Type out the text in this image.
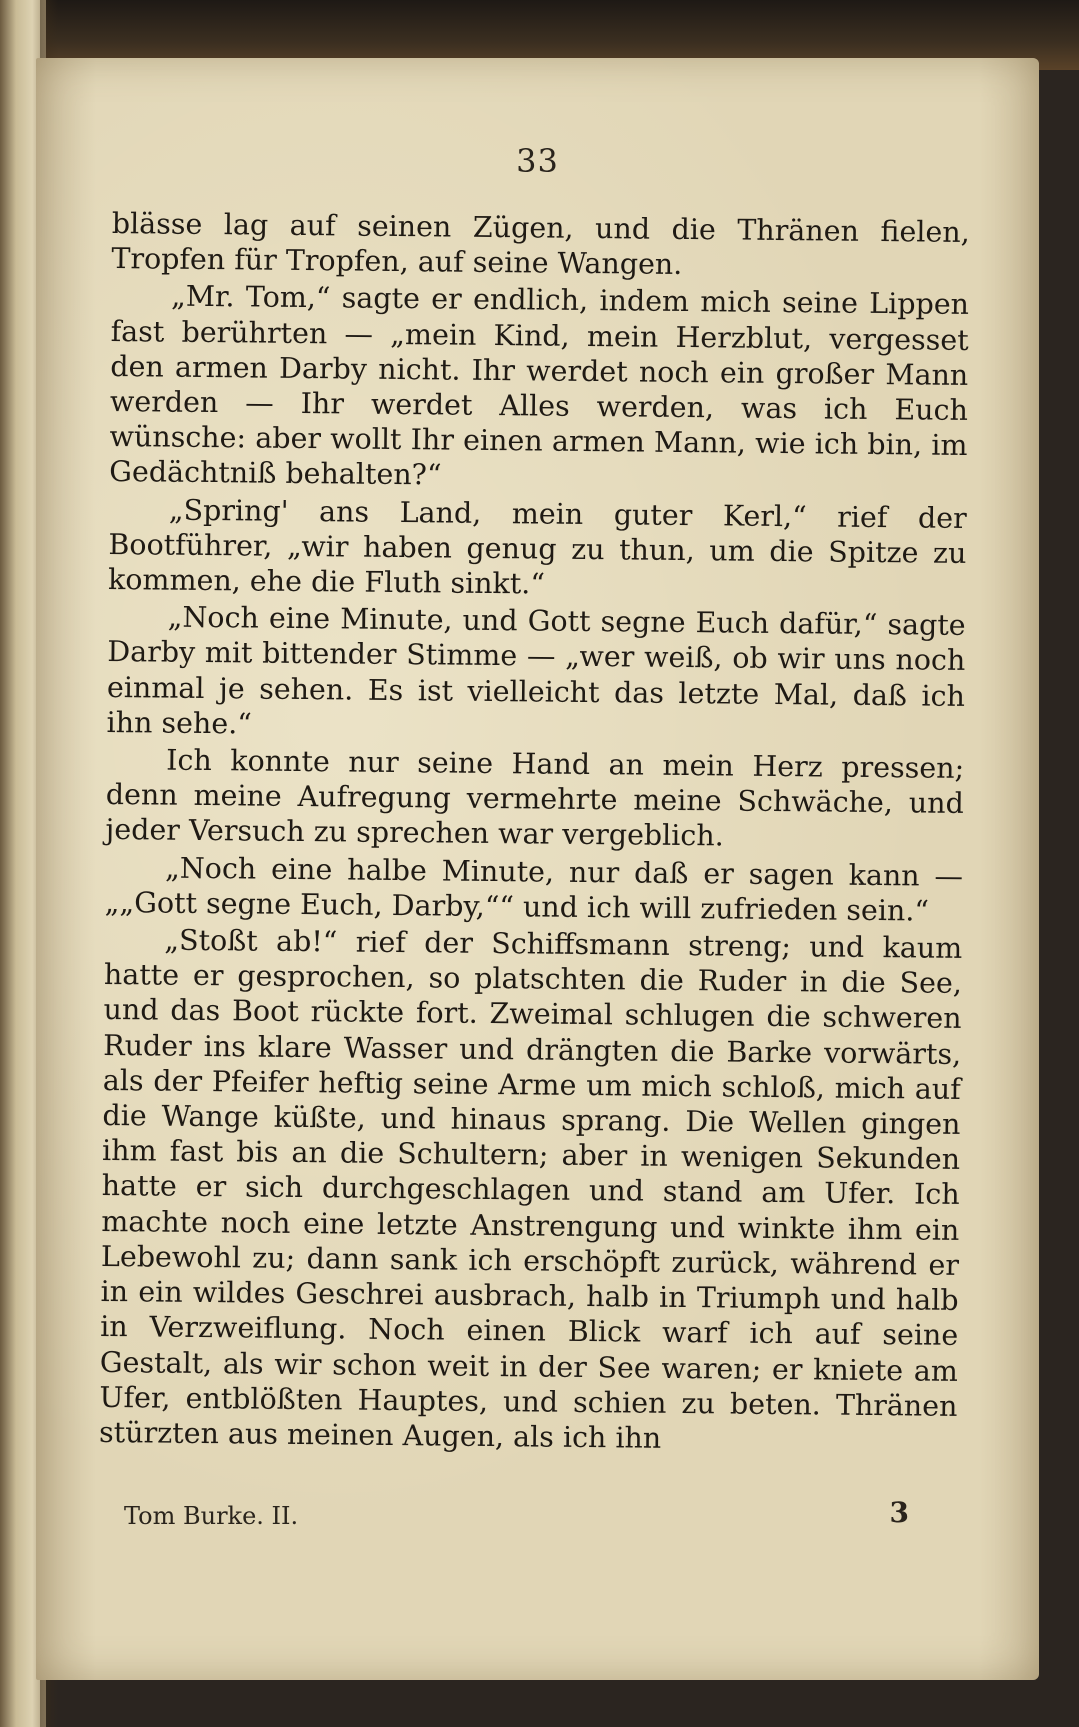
33

blässe lag auf seinen Zügen, und die Thränen fielen, Tropfen für Tropfen, auf seine Wangen.

„Mr. Tom,“ sagte er endlich, indem mich seine Lippen fast berührten — „mein Kind, mein Herzblut, vergesset den armen Darby nicht. Ihr werdet noch ein großer Mann werden — Ihr werdet Alles werden, was ich Euch wünsche: aber wollt Ihr einen armen Mann, wie ich bin, im Gedächtniß behalten?“

„Spring' ans Land, mein guter Kerl,“ rief der Bootführer, „wir haben genug zu thun, um die Spitze zu kommen, ehe die Fluth sinkt.“

„Noch eine Minute, und Gott segne Euch dafür,“ sagte Darby mit bittender Stimme — „wer weiß, ob wir uns noch einmal je sehen. Es ist vielleicht das letzte Mal, daß ich ihn sehe.“

Ich konnte nur seine Hand an mein Herz pressen; denn meine Aufregung vermehrte meine Schwäche, und jeder Versuch zu sprechen war vergeblich.

„Noch eine halbe Minute, nur daß er sagen kann — „„Gott segne Euch, Darby,““ und ich will zufrieden sein.“

„Stoßt ab!“ rief der Schiffsmann streng; und kaum hatte er gesprochen, so platschten die Ruder in die See, und das Boot rückte fort. Zweimal schlugen die schweren Ruder ins klare Wasser und drängten die Barke vorwärts, als der Pfeifer heftig seine Arme um mich schloß, mich auf die Wange küßte, und hinaus sprang. Die Wellen gingen ihm fast bis an die Schultern; aber in wenigen Sekunden hatte er sich durchgeschlagen und stand am Ufer. Ich machte noch eine letzte Anstrengung und winkte ihm ein Lebewohl zu; dann sank ich erschöpft zurück, während er in ein wildes Geschrei ausbrach, halb in Triumph und halb in Verzweiflung. Noch einen Blick warf ich auf seine Gestalt, als wir schon weit in der See waren; er kniete am Ufer, entblößten Hauptes, und schien zu beten. Thränen stürzten aus meinen Augen, als ich ihn

Tom Burke. II.	3
